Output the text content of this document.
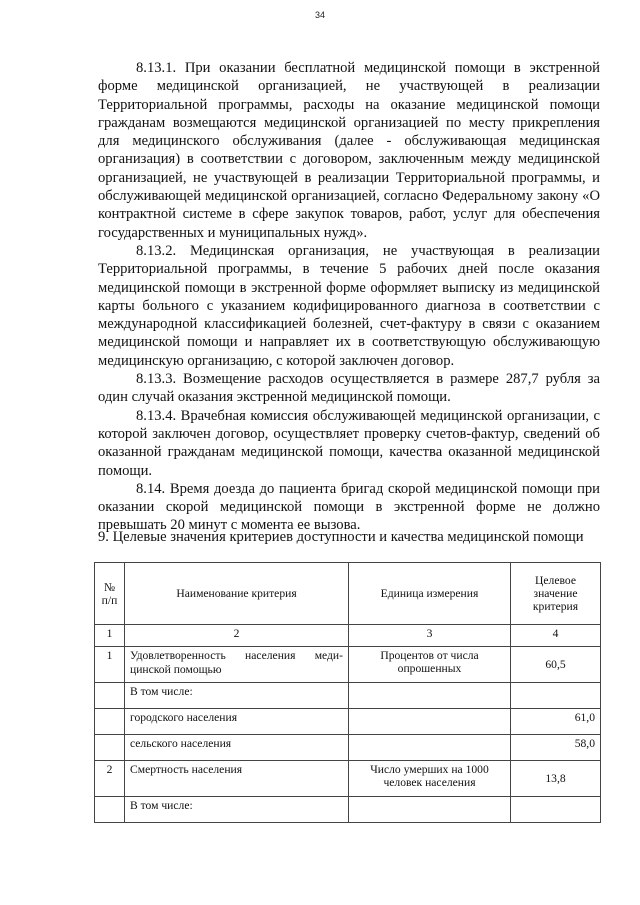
34

8.13.1. При оказании бесплатной медицинской помощи в экстренной форме медицинской организацией, не участвующей в реализации Территориальной программы, расходы на оказание медицинской помощи гражданам возмещаются медицинской организацией по месту прикрепления для медицинского обслуживания (далее - обслуживающая медицинская организация) в соответствии с договором, заключенным между медицинской организацией, не участвующей в реализации Территориальной программы, и обслуживающей медицинской организацией, согласно Федеральному закону «О контрактной системе в сфере закупок товаров, работ, услуг для обеспечения государственных и муниципальных нужд».

8.13.2. Медицинская организация, не участвующая в реализации Территориальной программы, в течение 5 рабочих дней после оказания медицинской помощи в экстренной форме оформляет выписку из медицинской карты больного с указанием кодифицированного диагноза в соответствии с международной классификацией болезней, счет-фактуру в связи с оказанием медицинской помощи и направляет их в соответствующую обслуживающую медицинскую организацию, с которой заключен договор.

8.13.3. Возмещение расходов осуществляется в размере 287,7 рубля за один случай оказания экстренной медицинской помощи.

8.13.4. Врачебная комиссия обслуживающей медицинской организации, с которой заключен договор, осуществляет проверку счетов-фактур, сведений об оказанной гражданам медицинской помощи, качества оказанной медицинской помощи.

8.14. Время доезда до пациента бригад скорой медицинской помощи при оказании скорой медицинской помощи в экстренной форме не должно превышать 20 минут с момента ее вызова.

9. Целевые значения критериев доступности и качества медицинской помощи
№ п/п	Наименование критерия	Единица измерения	Целевое значение критерия
1	2	3	4
1	Удовлетворенность населения меди-цинской помощью	Процентов от числа опрошенных	60,5
	В том числе:		
	городского населения		61,0
	сельского населения		58,0
2	Смертность населения	Число умерших на 1000 человек населения	13,8
	В том числе:		
